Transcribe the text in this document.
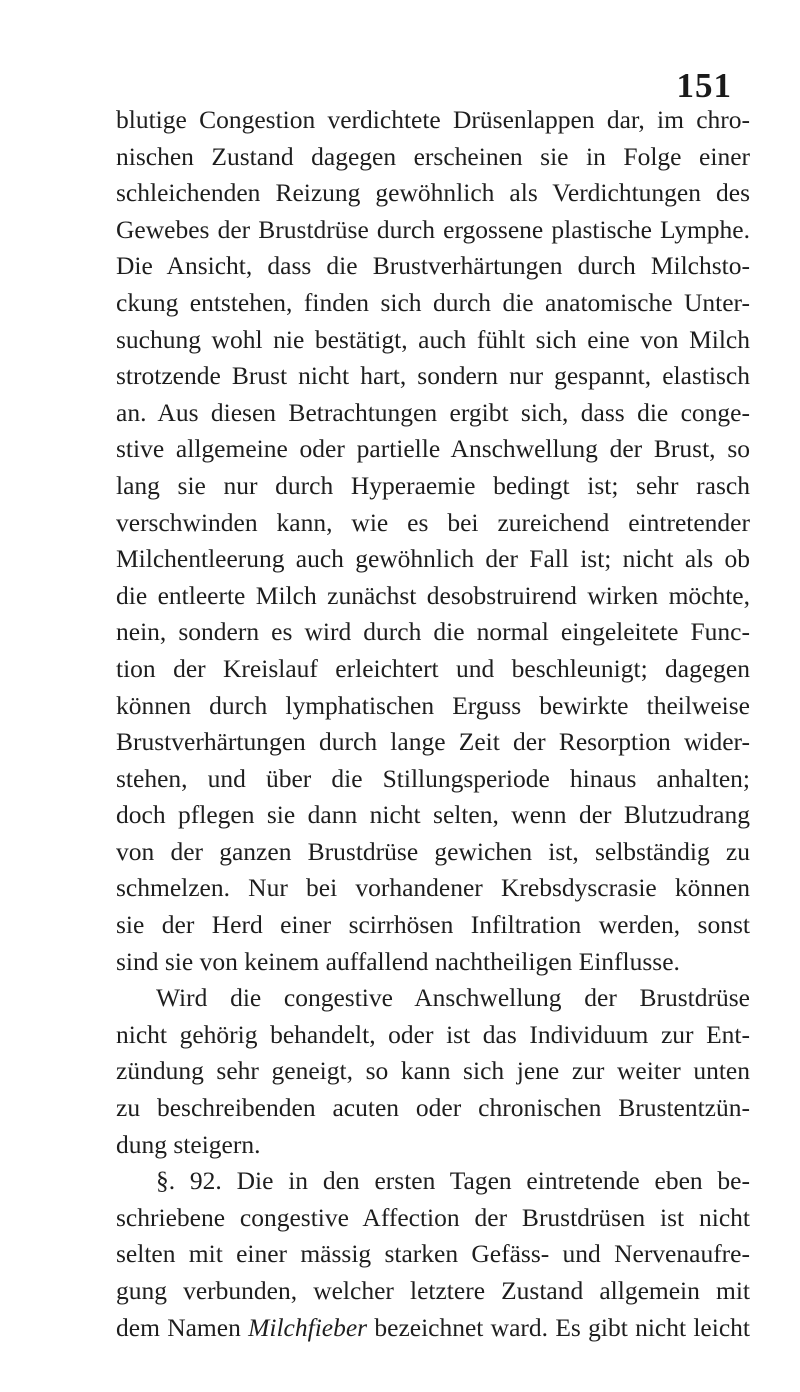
151
blutige Congestion verdichtete Drüsenlappen dar, im chro-
nischen Zustand dagegen erscheinen sie in Folge einer
schleichenden Reizung gewöhnlich als Verdichtungen des
Gewebes der Brustdrüse durch ergossene plastische Lymphe.
Die Ansicht, dass die Brustverhärtungen durch Milchsto-
ckung entstehen, finden sich durch die anatomische Unter-
suchung wohl nie bestätigt, auch fühlt sich eine von Milch
strotzende Brust nicht hart, sondern nur gespannt, elastisch
an. Aus diesen Betrachtungen ergibt sich, dass die conge-
stive allgemeine oder partielle Anschwellung der Brust, so
lang sie nur durch Hyperaemie bedingt ist; sehr rasch
verschwinden kann, wie es bei zureichend eintretender
Milchentleerung auch gewöhnlich der Fall ist; nicht als ob
die entleerte Milch zunächst desobstruirend wirken möchte,
nein, sondern es wird durch die normal eingeleitete Func-
tion der Kreislauf erleichtert und beschleunigt; dagegen
können durch lymphatischen Erguss bewirkte theilweise
Brustverhärtungen durch lange Zeit der Resorption wider-
stehen, und über die Stillungsperiode hinaus anhalten;
doch pflegen sie dann nicht selten, wenn der Blutzudrang
von der ganzen Brustdrüse gewichen ist, selbständig zu
schmelzen. Nur bei vorhandener Krebsdyscrasie können
sie der Herd einer scirrhösen Infiltration werden, sonst
sind sie von keinem auffallend nachtheiligen Einflusse.
Wird die congestive Anschwellung der Brustdrüse
nicht gehörig behandelt, oder ist das Individuum zur Ent-
zündung sehr geneigt, so kann sich jene zur weiter unten
zu beschreibenden acuten oder chronischen Brustentzün-
dung steigern.
§. 92. Die in den ersten Tagen eintretende eben be-
schriebene congestive Affection der Brustdrüsen ist nicht
selten mit einer mässig starken Gefäss- und Nervenaufre-
gung verbunden, welcher letztere Zustand allgemein mit
dem Namen Milchfieber bezeichnet ward. Es gibt nicht leicht
